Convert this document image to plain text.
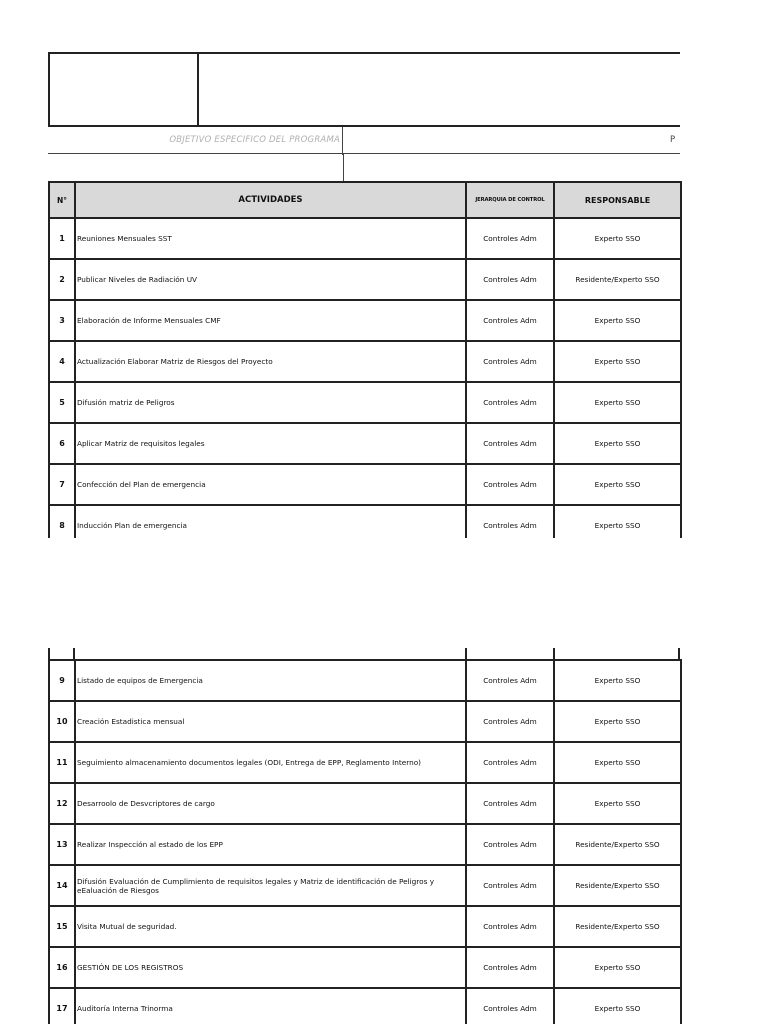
OBJETIVO ESPECIFICO DEL PROGRAMA	P
N°	ACTIVIDADES	JERARQUIA DE CONTROL	RESPONSABLE
1	Reuniones Mensuales SST	Controles Adm	Experto SSO
2	Publicar Niveles de Radiación UV	Controles Adm	Residente/Experto SSO
3	Elaboración de Informe Mensuales CMF	Controles Adm	Experto SSO
4	Actualización Elaborar Matriz de Riesgos del Proyecto	Controles Adm	Experto SSO
5	Difusión matriz de Peligros	Controles Adm	Experto SSO
6	Aplicar Matriz de requisitos legales	Controles Adm	Experto SSO
7	Confección del Plan de emergencia	Controles Adm	Experto SSO
8	Inducción Plan de emergencia	Controles Adm	Experto SSO
9	Listado de equipos de Emergencia	Controles Adm	Experto SSO
10	Creación Estadistica mensual	Controles Adm	Experto SSO
11	Seguimiento almacenamiento documentos legales (ODI, Entrega de EPP, Reglamento Interno)	Controles Adm	Experto SSO
12	Desarroolo de Desvcriptores de cargo	Controles Adm	Experto SSO
13	Realizar Inspección al estado de los EPP	Controles Adm	Residente/Experto SSO
14	Difusión Evaluación de Cumplimiento de requisitos legales y Matriz de identificación de Peligros y eEaluación de Riesgos	Controles Adm	Residente/Experto SSO
15	Visita Mutual de seguridad.	Controles Adm	Residente/Experto SSO
16	GESTIÓN DE LOS REGISTROS	Controles Adm	Experto SSO
17	Auditoría Interna Trinorma	Controles Adm	Experto SSO
